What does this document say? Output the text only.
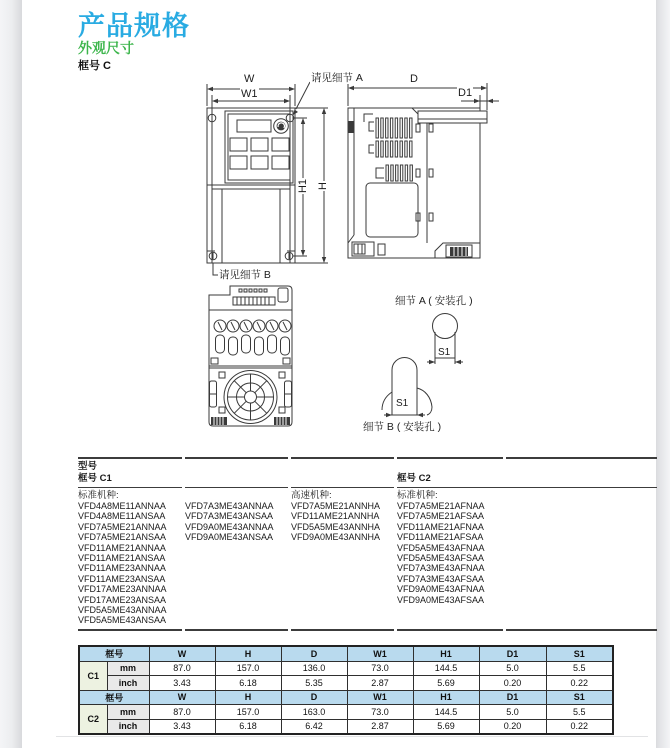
产品规格
外观尺寸
框号 C
W
W1
H1 H
D
D1
请见细节 A
请见细节 B
细节 A ( 安装孔 )
S1
S1
细节 B ( 安装孔 )
型号
框号 C1
	框号 C2
标准机种:
VFD4A8ME11ANNAA
VFD4A8ME11ANSAA
VFD7A5ME21ANNAA
VFD7A5ME21ANSAA
VFD11AME21ANNAA
VFD11AME21ANSAA
VFD11AME23ANNAA
VFD11AME23ANSAA
VFD17AME23ANNAA
VFD17AME23ANSAA
VFD5A5ME43ANNAA
VFD5A5ME43ANSAA

VFD7A3ME43ANNAA
VFD7A3ME43ANSAA
VFD9A0ME43ANNAA
VFD9A0ME43ANSAA
高速机种:
VFD7A5ME21ANNHA
VFD11AME21ANNHA
VFD5A5ME43ANNHA
VFD9A0ME43ANNHA
标准机种:
VFD7A5ME21AFNAA
VFD7A5ME21AFSAA
VFD11AME21AFNAA
VFD11AME21AFSAA
VFD5A5ME43AFNAA
VFD5A5ME43AFSAA
VFD7A3ME43AFNAA
VFD7A3ME43AFSAA
VFD9A0ME43AFNAA
VFD9A0ME43AFSAA
框号		W	H	D	W1	H1	D1	S1
C1	mm	87.0	157.0	136.0	73.0	144.5	5.0	5.5
	inch	3.43	6.18	5.35	2.87	5.69	0.20	0.22
框号		W	H	D	W1	H1	D1	S1
C2	mm	87.0	157.0	163.0	73.0	144.5	5.0	5.5
	inch	3.43	6.18	6.42	2.87	5.69	0.20	0.22
